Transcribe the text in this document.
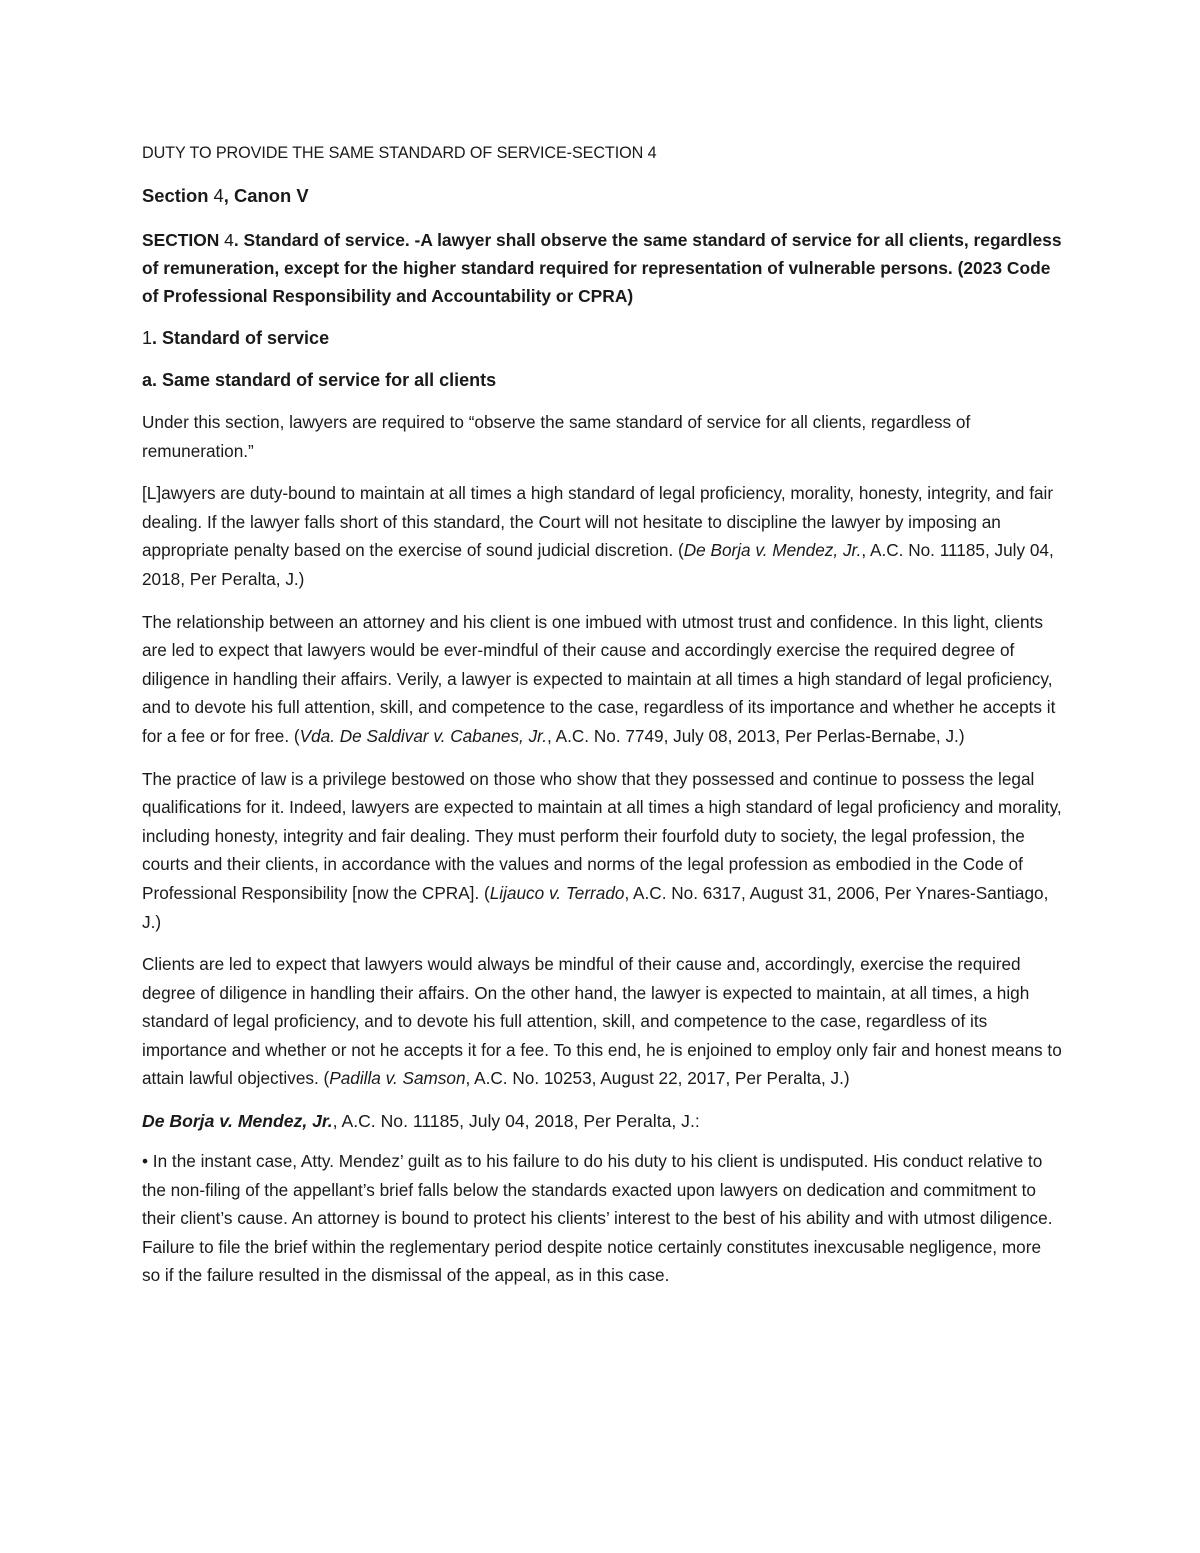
DUTY TO PROVIDE THE SAME STANDARD OF SERVICE-SECTION 4

Section 4, Canon V

SECTION 4. Standard of service. -A lawyer shall observe the same standard of service for all clients, regardless of remuneration, except for the higher standard required for representation of vulnerable persons. (2023 Code of Professional Responsibility and Accountability or CPRA)

1. Standard of service

a. Same standard of service for all clients

Under this section, lawyers are required to “observe the same standard of service for all clients, regardless of remuneration.”

[L]awyers are duty-bound to maintain at all times a high standard of legal proficiency, morality, honesty, integrity, and fair dealing. If the lawyer falls short of this standard, the Court will not hesitate to discipline the lawyer by imposing an appropriate penalty based on the exercise of sound judicial discretion. (De Borja v. Mendez, Jr., A.C. No. 11185, July 04, 2018, Per Peralta, J.)

The relationship between an attorney and his client is one imbued with utmost trust and confidence. In this light, clients are led to expect that lawyers would be ever-mindful of their cause and accordingly exercise the required degree of diligence in handling their affairs. Verily, a lawyer is expected to maintain at all times a high standard of legal proficiency, and to devote his full attention, skill, and competence to the case, regardless of its importance and whether he accepts it for a fee or for free. (Vda. De Saldivar v. Cabanes, Jr., A.C. No. 7749, July 08, 2013, Per Perlas-Bernabe, J.)

The practice of law is a privilege bestowed on those who show that they possessed and continue to possess the legal qualifications for it. Indeed, lawyers are expected to maintain at all times a high standard of legal proficiency and morality, including honesty, integrity and fair dealing. They must perform their fourfold duty to society, the legal profession, the courts and their clients, in accordance with the values and norms of the legal profession as embodied in the Code of Professional Responsibility [now the CPRA]. (Lijauco v. Terrado, A.C. No. 6317, August 31, 2006, Per Ynares-Santiago, J.)

Clients are led to expect that lawyers would always be mindful of their cause and, accordingly, exercise the required degree of diligence in handling their affairs. On the other hand, the lawyer is expected to maintain, at all times, a high standard of legal proficiency, and to devote his full attention, skill, and competence to the case, regardless of its importance and whether or not he accepts it for a fee. To this end, he is enjoined to employ only fair and honest means to attain lawful objectives. (Padilla v. Samson, A.C. No. 10253, August 22, 2017, Per Peralta, J.)

De Borja v. Mendez, Jr., A.C. No. 11185, July 04, 2018, Per Peralta, J.:

• In the instant case, Atty. Mendez’ guilt as to his failure to do his duty to his client is undisputed. His conduct relative to the non-filing of the appellant’s brief falls below the standards exacted upon lawyers on dedication and commitment to their client’s cause. An attorney is bound to protect his clients’ interest to the best of his ability and with utmost diligence. Failure to file the brief within the reglementary period despite notice certainly constitutes inexcusable negligence, more so if the failure resulted in the dismissal of the appeal, as in this case.
